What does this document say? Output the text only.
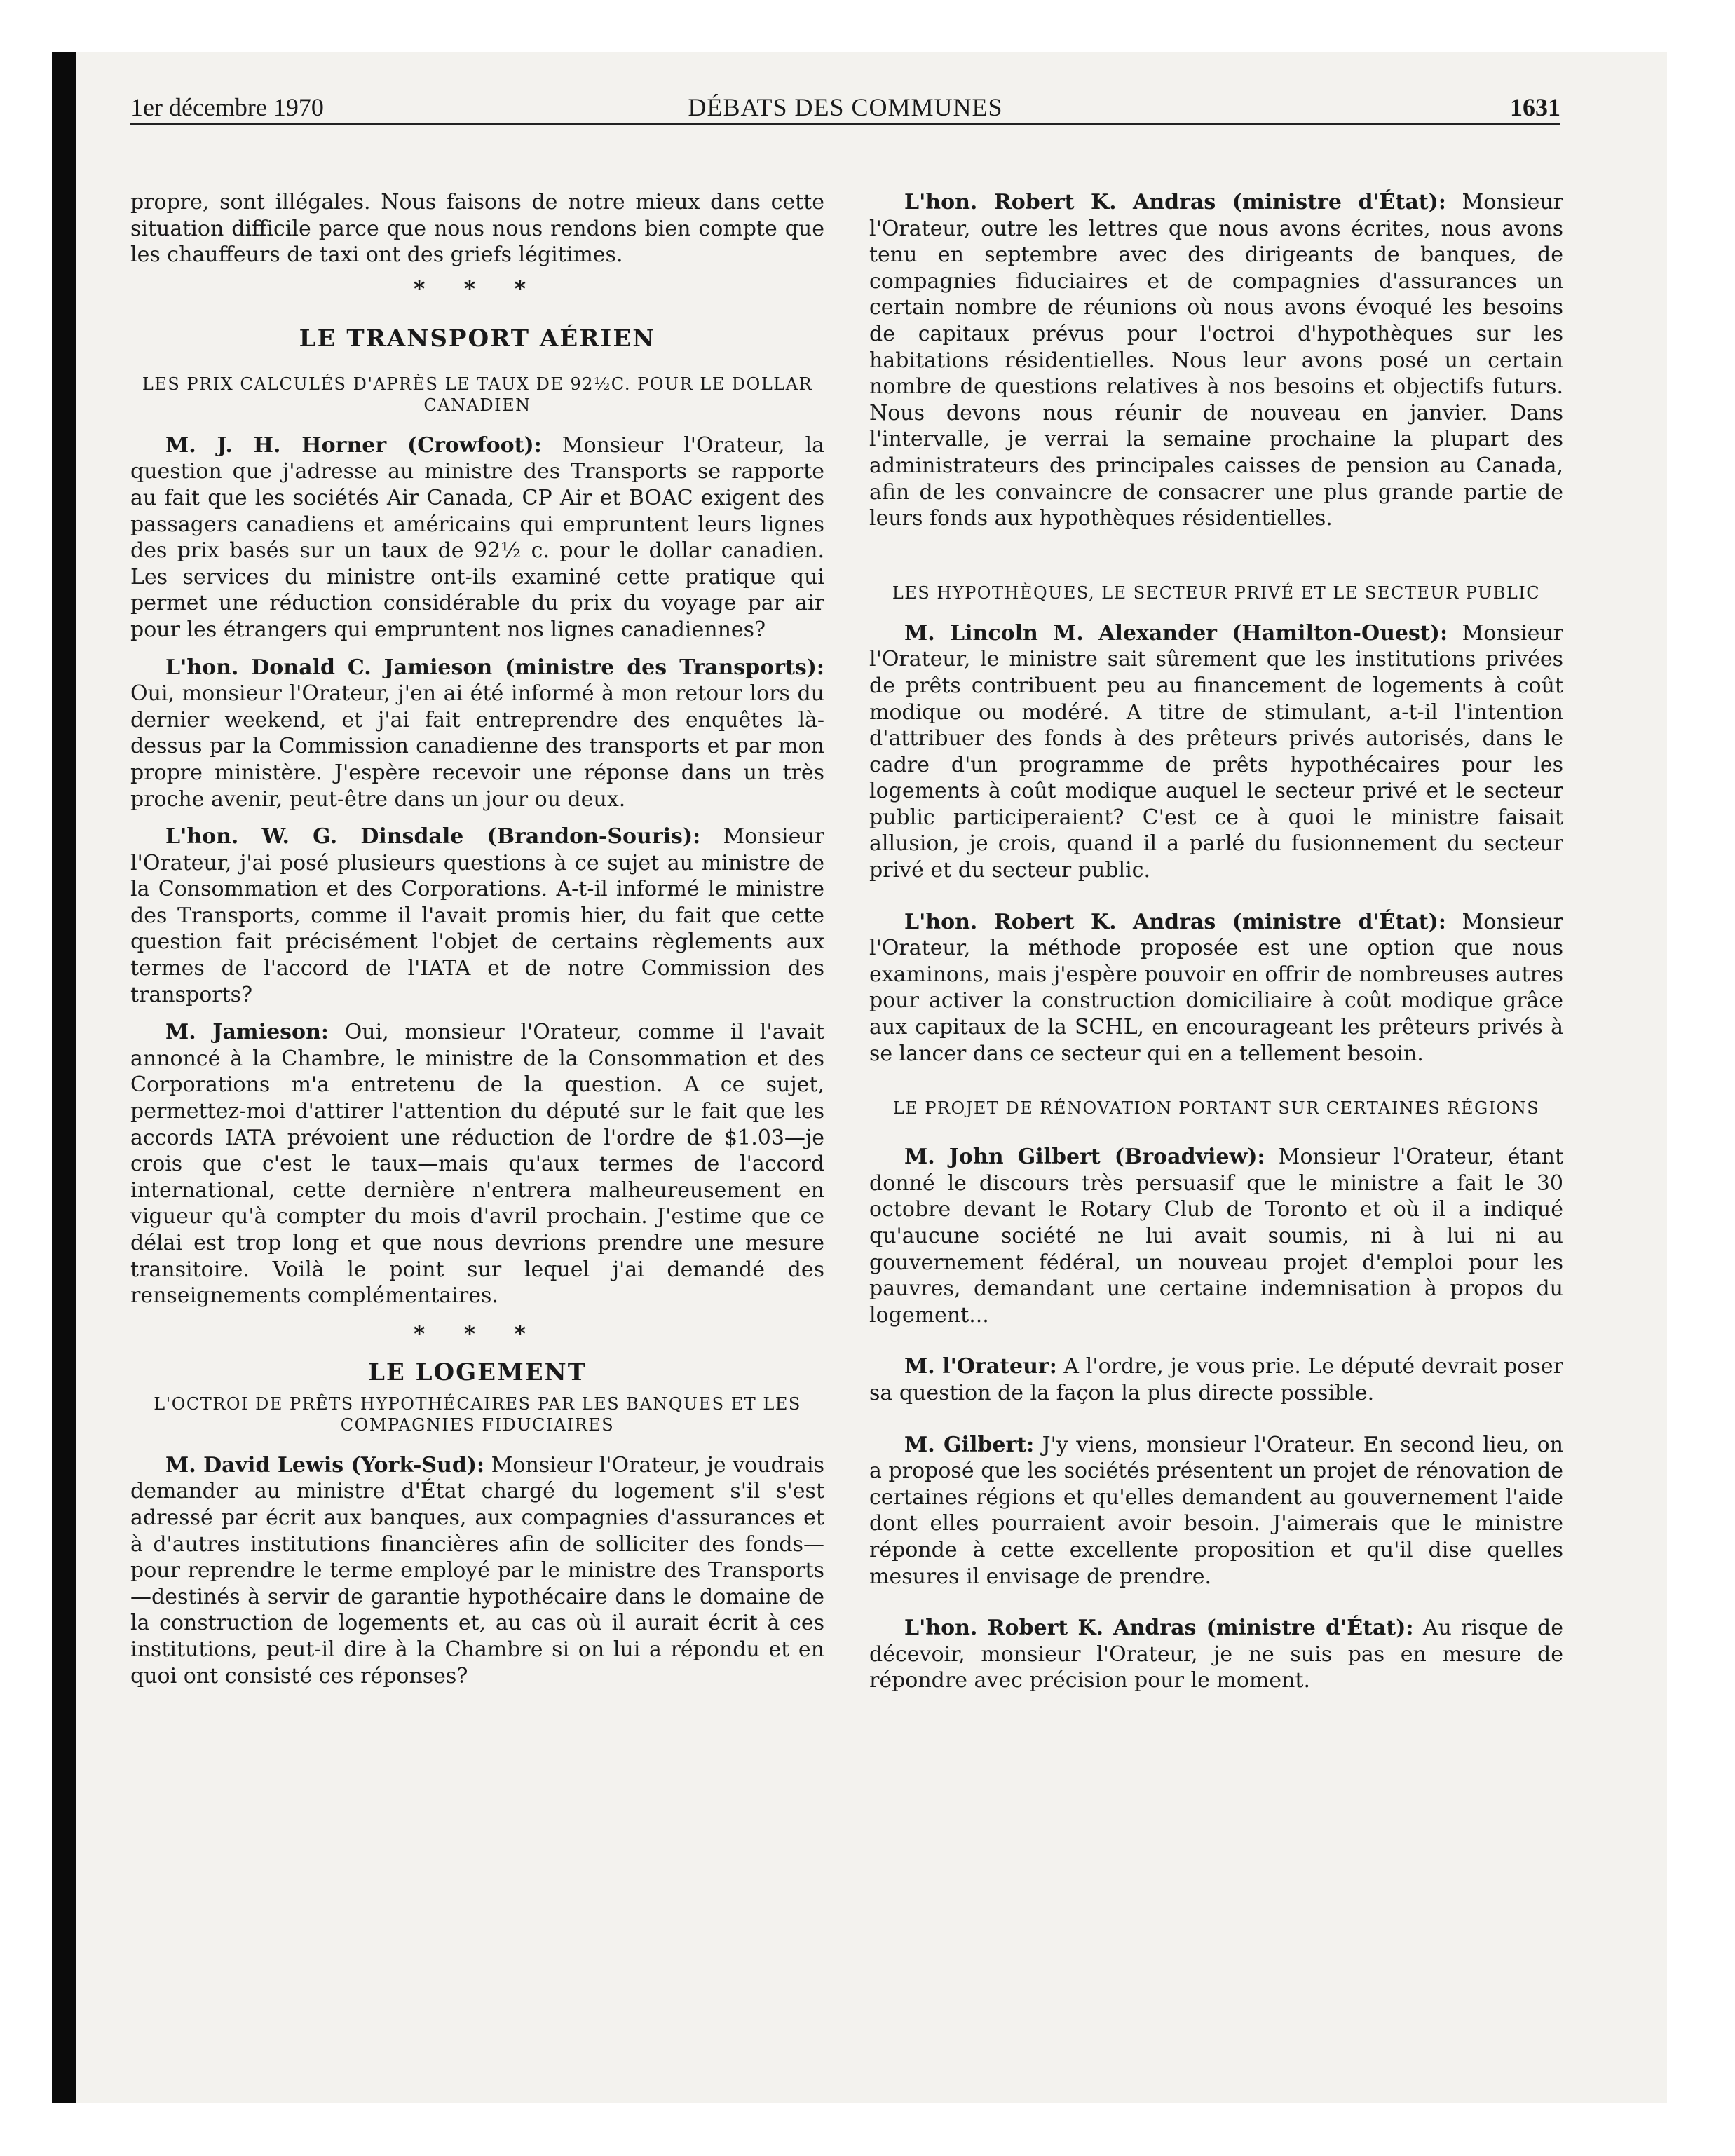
1er décembre 1970	DÉBATS DES COMMUNES	1631

propre, sont illégales. Nous faisons de notre mieux dans cette situation difficile parce que nous nous rendons bien compte que les chauffeurs de taxi ont des griefs légitimes.

* * *
LE TRANSPORT AÉRIEN
LES PRIX CALCULÉS D'APRÈS LE TAUX DE 92½C. POUR LE DOLLAR CANADIEN

M. J. H. Horner (Crowfoot): Monsieur l'Orateur, la question que j'adresse au ministre des Transports se rapporte au fait que les sociétés Air Canada, CP Air et BOAC exigent des passagers canadiens et américains qui empruntent leurs lignes des prix basés sur un taux de 92½ c. pour le dollar canadien. Les services du ministre ont-ils examiné cette pratique qui permet une réduction considérable du prix du voyage par air pour les étrangers qui empruntent nos lignes canadiennes?

L'hon. Donald C. Jamieson (ministre des Transports): Oui, monsieur l'Orateur, j'en ai été informé à mon retour lors du dernier weekend, et j'ai fait entreprendre des enquêtes là-dessus par la Commission canadienne des transports et par mon propre ministère. J'espère recevoir une réponse dans un très proche avenir, peut-être dans un jour ou deux.

L'hon. W. G. Dinsdale (Brandon-Souris): Monsieur l'Orateur, j'ai posé plusieurs questions à ce sujet au ministre de la Consommation et des Corporations. A-t-il informé le ministre des Transports, comme il l'avait promis hier, du fait que cette question fait précisément l'objet de certains règlements aux termes de l'accord de l'IATA et de notre Commission des transports?

M. Jamieson: Oui, monsieur l'Orateur, comme il l'avait annoncé à la Chambre, le ministre de la Consommation et des Corporations m'a entretenu de la question. A ce sujet, permettez-moi d'attirer l'attention du député sur le fait que les accords IATA prévoient une réduction de l'ordre de $1.03—je crois que c'est le taux—mais qu'aux termes de l'accord international, cette dernière n'entrera malheureusement en vigueur qu'à compter du mois d'avril prochain. J'estime que ce délai est trop long et que nous devrions prendre une mesure transitoire. Voilà le point sur lequel j'ai demandé des renseignements complémentaires.

* * *
LE LOGEMENT
L'OCTROI DE PRÊTS HYPOTHÉCAIRES PAR LES BANQUES ET LES COMPAGNIES FIDUCIAIRES

M. David Lewis (York-Sud): Monsieur l'Orateur, je voudrais demander au ministre d'État chargé du logement s'il s'est adressé par écrit aux banques, aux compagnies d'assurances et à d'autres institutions financières afin de solliciter des fonds—pour reprendre le terme employé par le ministre des Transports—destinés à servir de garantie hypothécaire dans le domaine de la construction de logements et, au cas où il aurait écrit à ces institutions, peut-il dire à la Chambre si on lui a répondu et en quoi ont consisté ces réponses?

L'hon. Robert K. Andras (ministre d'État): Monsieur l'Orateur, outre les lettres que nous avons écrites, nous avons tenu en septembre avec des dirigeants de banques, de compagnies fiduciaires et de compagnies d'assurances un certain nombre de réunions où nous avons évoqué les besoins de capitaux prévus pour l'octroi d'hypothèques sur les habitations résidentielles. Nous leur avons posé un certain nombre de questions relatives à nos besoins et objectifs futurs. Nous devons nous réunir de nouveau en janvier. Dans l'intervalle, je verrai la semaine prochaine la plupart des administrateurs des principales caisses de pension au Canada, afin de les convaincre de consacrer une plus grande partie de leurs fonds aux hypothèques résidentielles.

LES HYPOTHÈQUES, LE SECTEUR PRIVÉ ET LE SECTEUR PUBLIC

M. Lincoln M. Alexander (Hamilton-Ouest): Monsieur l'Orateur, le ministre sait sûrement que les institutions privées de prêts contribuent peu au financement de logements à coût modique ou modéré. A titre de stimulant, a-t-il l'intention d'attribuer des fonds à des prêteurs privés autorisés, dans le cadre d'un programme de prêts hypothécaires pour les logements à coût modique auquel le secteur privé et le secteur public participeraient? C'est ce à quoi le ministre faisait allusion, je crois, quand il a parlé du fusionnement du secteur privé et du secteur public.

L'hon. Robert K. Andras (ministre d'État): Monsieur l'Orateur, la méthode proposée est une option que nous examinons, mais j'espère pouvoir en offrir de nombreuses autres pour activer la construction domiciliaire à coût modique grâce aux capitaux de la SCHL, en encourageant les prêteurs privés à se lancer dans ce secteur qui en a tellement besoin.

LE PROJET DE RÉNOVATION PORTANT SUR CERTAINES RÉGIONS

M. John Gilbert (Broadview): Monsieur l'Orateur, étant donné le discours très persuasif que le ministre a fait le 30 octobre devant le Rotary Club de Toronto et où il a indiqué qu'aucune société ne lui avait soumis, ni à lui ni au gouvernement fédéral, un nouveau projet d'emploi pour les pauvres, demandant une certaine indemnisation à propos du logement...

M. l'Orateur: A l'ordre, je vous prie. Le député devrait poser sa question de la façon la plus directe possible.

M. Gilbert: J'y viens, monsieur l'Orateur. En second lieu, on a proposé que les sociétés présentent un projet de rénovation de certaines régions et qu'elles demandent au gouvernement l'aide dont elles pourraient avoir besoin. J'aimerais que le ministre réponde à cette excellente proposition et qu'il dise quelles mesures il envisage de prendre.

L'hon. Robert K. Andras (ministre d'État): Au risque de décevoir, monsieur l'Orateur, je ne suis pas en mesure de répondre avec précision pour le moment.
